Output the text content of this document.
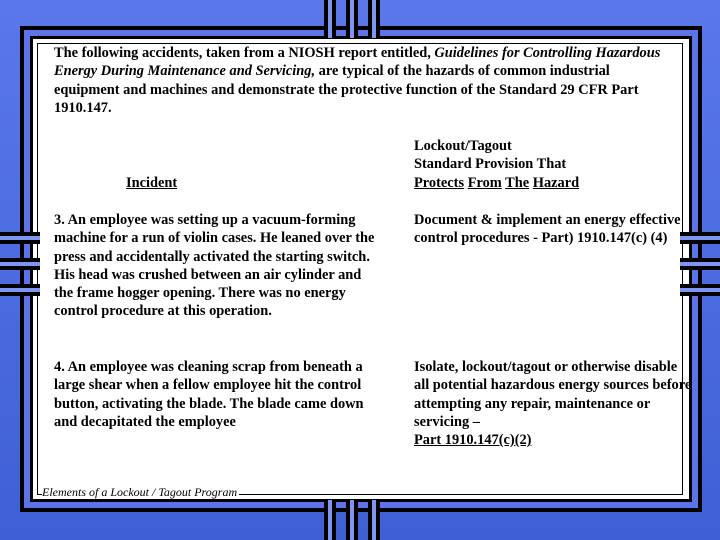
The following accidents, taken from a NIOSH report entitled, Guidelines for Controlling Hazardous Energy During Maintenance and Servicing, are typical of the hazards of common industrial equipment and machines and demonstrate the protective function of the Standard 29 CFR Part 1910.147.

Incident

Lockout/Tagout
Standard Provision That
Protects From The Hazard

3. An employee was setting up a vacuum-forming machine for a run of violin cases. He leaned over the press and accidentally activated the starting switch. His head was crushed between an air cylinder and the frame hogger opening. There was no energy control procedure at this operation.

4. An employee was cleaning scrap from beneath a large shear when a fellow employee hit the control button, activating the blade. The blade came down and decapitated the employee

Document & implement an energy effective control procedures - Part) 1910.147(c) (4)

Isolate, lockout/tagout or otherwise disable all potential hazardous energy sources before attempting any repair, maintenance or servicing –
Part 1910.147(c)(2)

Elements of a Lockout / Tagout Program
